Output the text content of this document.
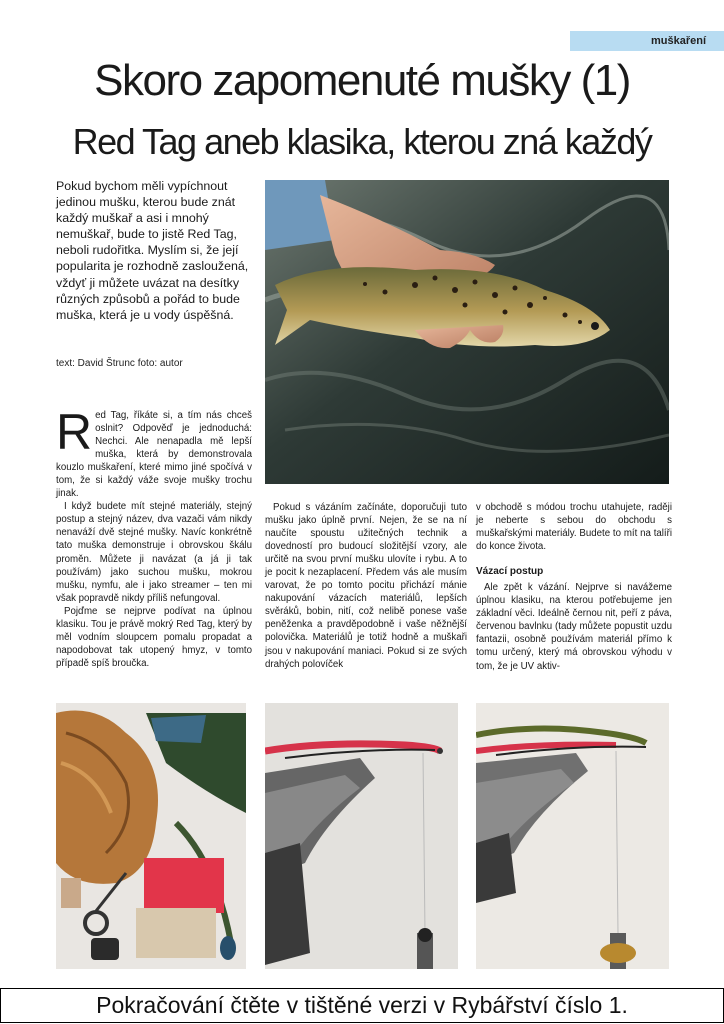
muškaření
Skoro zapomenuté mušky (1)
Red Tag aneb klasika, kterou zná každý

Pokud bychom měli vypíchnout jedinou mušku, kterou bude znát každý muškař a asi i mnohý nemuškař, bude to jistě Red Tag, neboli rudořitka. Myslím si, že její popularita je rozhodně zasloužená, vždyť ji můžete uvázat na desítky různých způsobů a pořád to bude muška, která je u vody úspěšná.

text: David Štrunc foto: autor
R ed Tag, říkáte si, a tím nás chceš oslnit? Odpověď je jednoduchá: Nechci. Ale nenapadla mě lepší muška, která by demonstrovala kouzlo muškaření, které mimo jiné spočívá v tom, že si každý váže svoje mušky trochu jinak.

I když budete mít stejné materiály, stejný postup a stejný název, dva vazači vám nikdy nenaváží dvě stejné mušky. Navíc konkrétně tato muška demonstruje i obrovskou škálu proměn. Můžete ji navázat (a já ji tak používám) jako suchou mušku, mokrou mušku, nymfu, ale i jako streamer – ten mi však popravdě nikdy příliš nefungoval.

Pojďme se nejprve podívat na úplnou klasiku. Tou je právě mokrý Red Tag, který by měl vodním sloupcem pomalu propadat a napodobovat tak utopený hmyz, v tomto případě spíš broučka.

Pokud s vázáním začínáte, doporučuji tuto mušku jako úplně první. Nejen, že se na ní naučíte spoustu užitečných technik a dovedností pro budoucí složitější vzory, ale určitě na svou první mušku ulovíte i rybu. A to je pocit k nezaplacení. Předem vás ale musím varovat, že po tomto pocitu přichází mánie nakupování vázacích materiálů, lepších svěráků, bobin, nití, což nelibě ponese vaše peněženka a pravděpodobně i vaše něžnější polovička. Materiálů je totiž hodně a muškaři jsou v nakupování maniaci. Pokud si ze svých drahých polovíček

v obchodě s módou trochu utahujete, raději je neberte s sebou do obchodu s muškařskými materiály. Budete to mít na talíři do konce života.

Vázací postup

Ale zpět k vázání. Nejprve si navážeme úplnou klasiku, na kterou potřebujeme jen základní věci. Ideálně černou nit, peří z páva, červenou bavlnku (tady můžete popustit uzdu fantazii, osobně používám materiál přímo k tomu určený, který má obrovskou výhodu v tom, že je UV aktiv-

Pokračování čtěte v tištěné verzi v Rybářství číslo 1.
